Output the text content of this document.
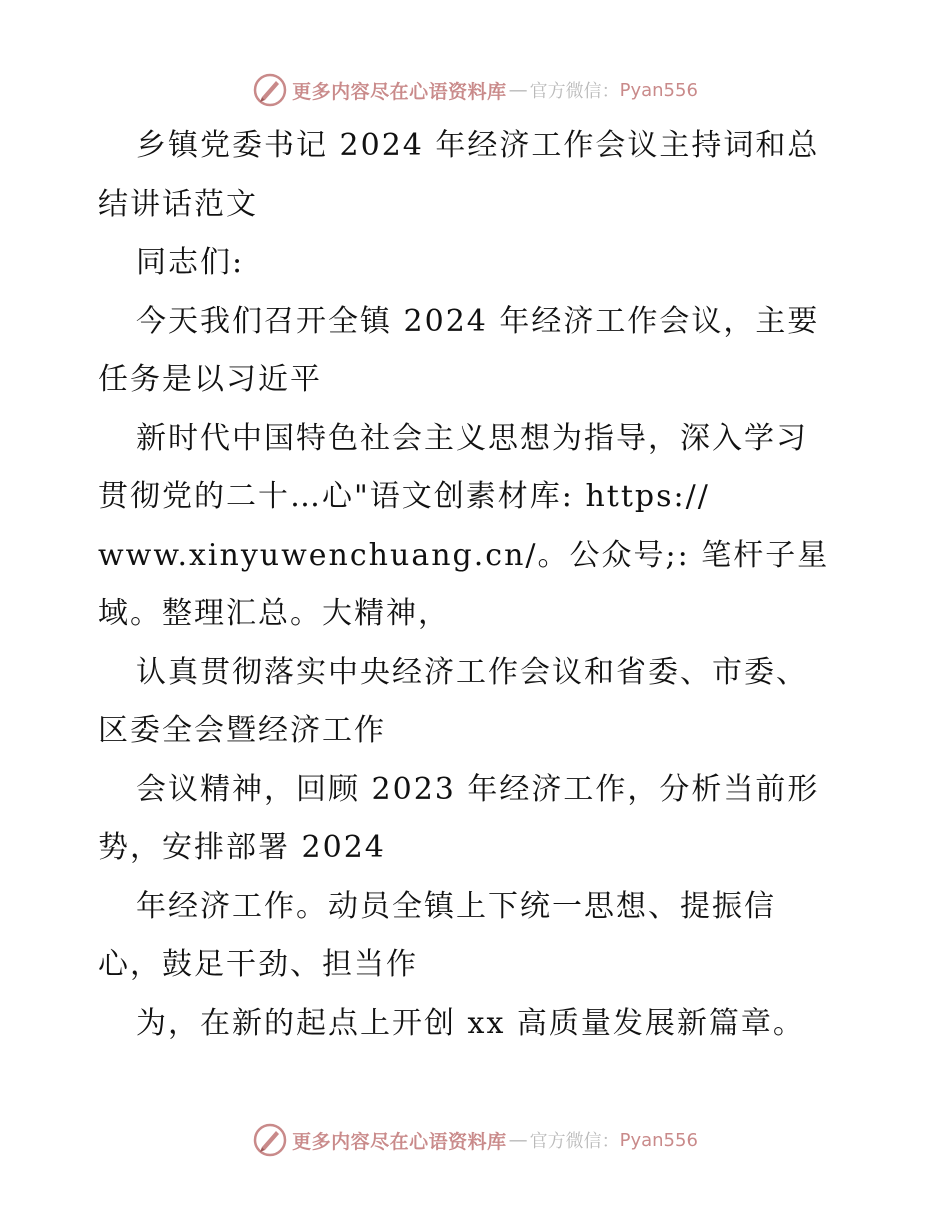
更多内容尽在心语资料库 — 官方微信： Pyan556

乡镇党委书记 2024 年经济工作会议主持词和总

结讲话范文

同志们:

今天我们召开全镇 2024 年经济工作会议，主要

任务是以习近平

新时代中国特色社会主义思想为指导，深入学习

贯彻党的二十…心"语文创素材库: https://

www.xinyuwenchuang.cn/。公众号;: 笔杆子星

域。整理汇总。大精神，

认真贯彻落实中央经济工作会议和省委、市委、

区委全会暨经济工作

会议精神，回顾 2023 年经济工作，分析当前形

势，安排部署 2024

年经济工作。动员全镇上下统一思想、提振信

心，鼓足干劲、担当作

为，在新的起点上开创 xx 高质量发展新篇章。

更多内容尽在心语资料库 — 官方微信： Pyan556
